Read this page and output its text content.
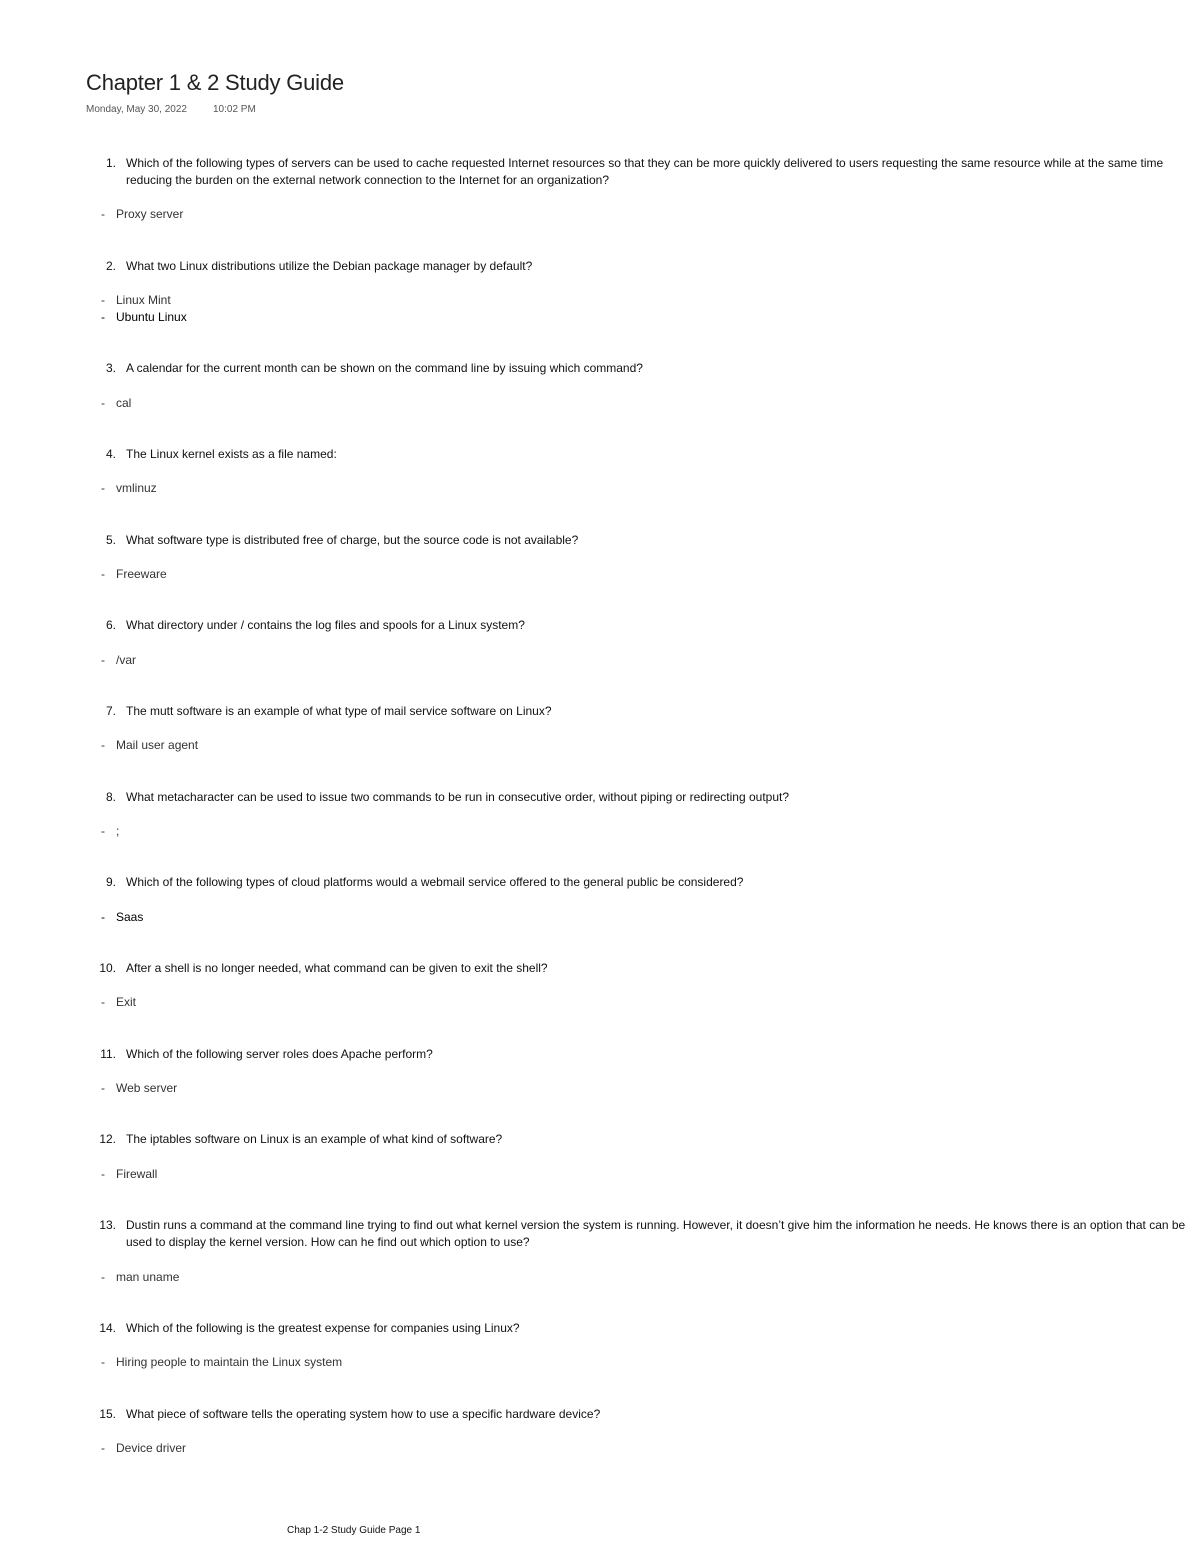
Chapter 1 & 2 Study Guide
Monday, May 30, 2022	10:02 PM
1. Which of the following types of servers can be used to cache requested Internet resources so that they can be more quickly delivered to users requesting the same resource while at the same time reducing the burden on the external network connection to the Internet for an organization?
- Proxy server
2. What two Linux distributions utilize the Debian package manager by default?
- Linux Mint
- Ubuntu Linux
3. A calendar for the current month can be shown on the command line by issuing which command?
- cal
4. The Linux kernel exists as a file named:
- vmlinuz
5. What software type is distributed free of charge, but the source code is not available?
- Freeware
6. What directory under / contains the log files and spools for a Linux system?
- /var
7. The mutt software is an example of what type of mail service software on Linux?
- Mail user agent
8. What metacharacter can be used to issue two commands to be run in consecutive order, without piping or redirecting output?
- ;
9. Which of the following types of cloud platforms would a webmail service offered to the general public be considered?
- Saas
10. After a shell is no longer needed, what command can be given to exit the shell?
- Exit
11. Which of the following server roles does Apache perform?
- Web server
12. The iptables software on Linux is an example of what kind of software?
- Firewall
13. Dustin runs a command at the command line trying to find out what kernel version the system is running. However, it doesn’t give him the information he needs. He knows there is an option that can be used to display the kernel version. How can he find out which option to use?
- man uname
14. Which of the following is the greatest expense for companies using Linux?
- Hiring people to maintain the Linux system
15. What piece of software tells the operating system how to use a specific hardware device?
- Device driver
Chap 1-2 Study Guide Page 1
